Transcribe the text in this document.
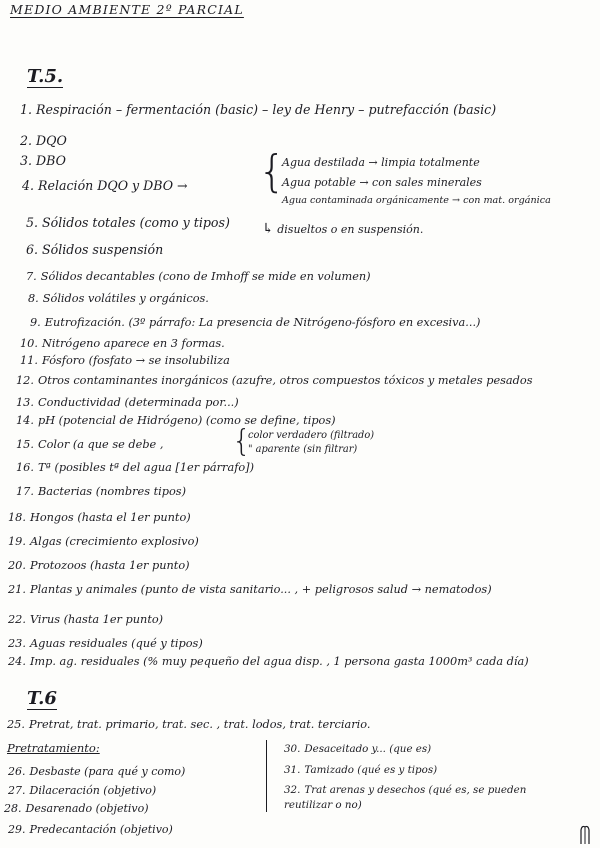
MEDIO AMBIENTE 2º PARCIAL
T.5.
1. Respiración – fermentación (basic) – ley de Henry – putrefacción (basic)
2. DQO
3. DBO
4. Relación DQO y DBO →
5. Sólidos totales (como y tipos)
6. Sólidos suspensión
7. Sólidos decantables (cono de Imhoff se mide en volumen)
8. Sólidos volátiles y orgánicos.
9. Eutrofización. (3º párrafo: La presencia de Nitrógeno-fósforo en excesiva...)
10. Nitrógeno aparece en 3 formas.
11. Fósforo (fosfato → se insolubiliza
12. Otros contaminantes inorgánicos (azufre, otros compuestos tóxicos y metales pesados
13. Conductividad (determinada por...)
14. pH (potencial de Hidrógeno) (como se define, tipos)
15. Color (a que se debe ,
16. Tª (posibles tª del agua [1er párrafo])
17. Bacterias (nombres tipos)
18. Hongos (hasta el 1er punto)
19. Algas (crecimiento explosivo)
20. Protozoos (hasta 1er punto)
21. Plantas y animales (punto de vista sanitario... , + peligrosos salud → nematodos)
22. Virus (hasta 1er punto)
23. Aguas residuales (qué y tipos)
24. Imp. ag. residuales (% muy pequeño del agua disp. , 1 persona gasta 1000m³ cada día)
{
Agua destilada → limpia totalmente
Agua potable → con sales minerales
Agua contaminada orgánicamente → con mat. orgánica
↳ disueltos o en suspensión.
{
color verdadero (filtrado)
" aparente (sin filtrar)
T.6
25. Pretrat, trat. primario, trat. sec. , trat. lodos, trat. terciario.
Pretratamiento:
26. Desbaste (para qué y como)
27. Dilaceración (objetivo)
28. Desarenado (objetivo)
29. Predecantación (objetivo)
30. Desaceitado y... (que es)
31. Tamizado (qué es y tipos)
32. Trat arenas y desechos (qué es, se pueden reutilizar o no)
